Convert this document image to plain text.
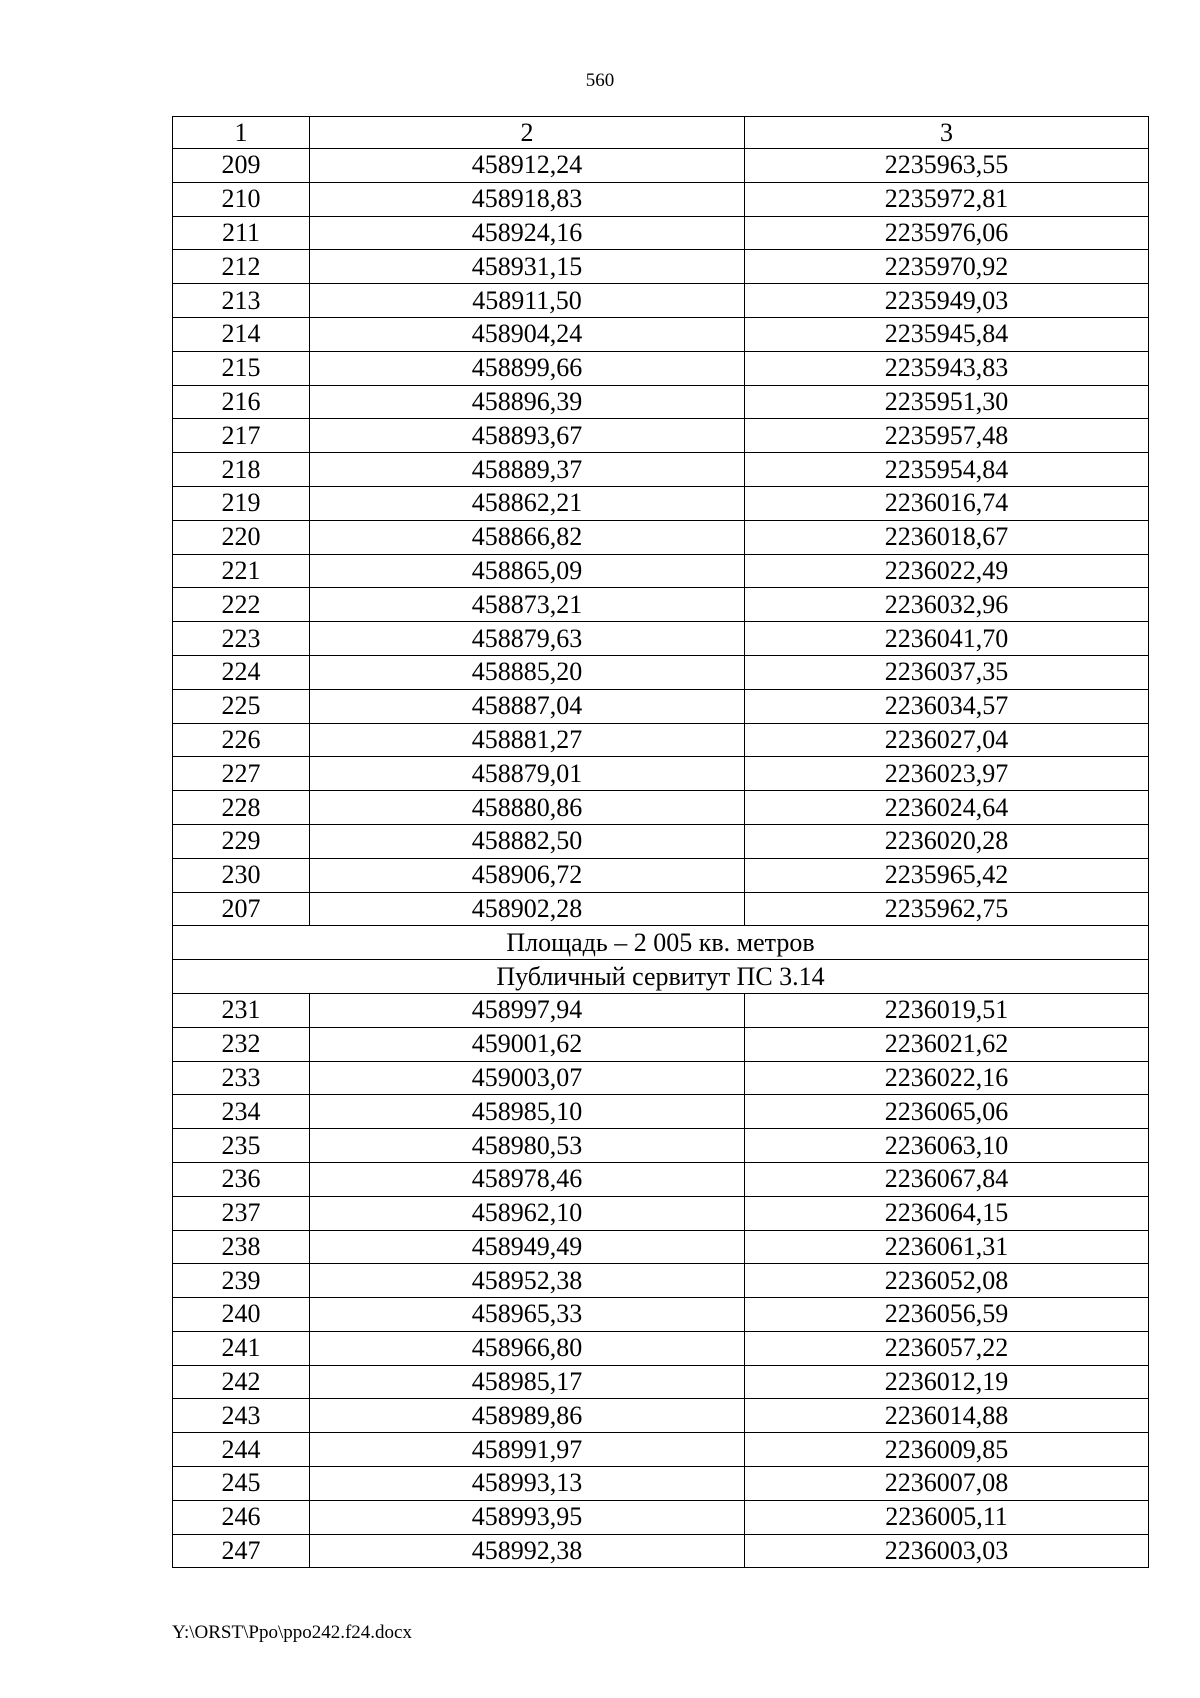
560
1	2	3
209	458912,24	2235963,55
210	458918,83	2235972,81
211	458924,16	2235976,06
212	458931,15	2235970,92
213	458911,50	2235949,03
214	458904,24	2235945,84
215	458899,66	2235943,83
216	458896,39	2235951,30
217	458893,67	2235957,48
218	458889,37	2235954,84
219	458862,21	2236016,74
220	458866,82	2236018,67
221	458865,09	2236022,49
222	458873,21	2236032,96
223	458879,63	2236041,70
224	458885,20	2236037,35
225	458887,04	2236034,57
226	458881,27	2236027,04
227	458879,01	2236023,97
228	458880,86	2236024,64
229	458882,50	2236020,28
230	458906,72	2235965,42
207	458902,28	2235962,75
Площадь – 2 005 кв. метров		
Публичный сервитут ПС 3.14		
231	458997,94	2236019,51
232	459001,62	2236021,62
233	459003,07	2236022,16
234	458985,10	2236065,06
235	458980,53	2236063,10
236	458978,46	2236067,84
237	458962,10	2236064,15
238	458949,49	2236061,31
239	458952,38	2236052,08
240	458965,33	2236056,59
241	458966,80	2236057,22
242	458985,17	2236012,19
243	458989,86	2236014,88
244	458991,97	2236009,85
245	458993,13	2236007,08
246	458993,95	2236005,11
247	458992,38	2236003,03
Y:\ORST\Ppo\ppo242.f24.docx
